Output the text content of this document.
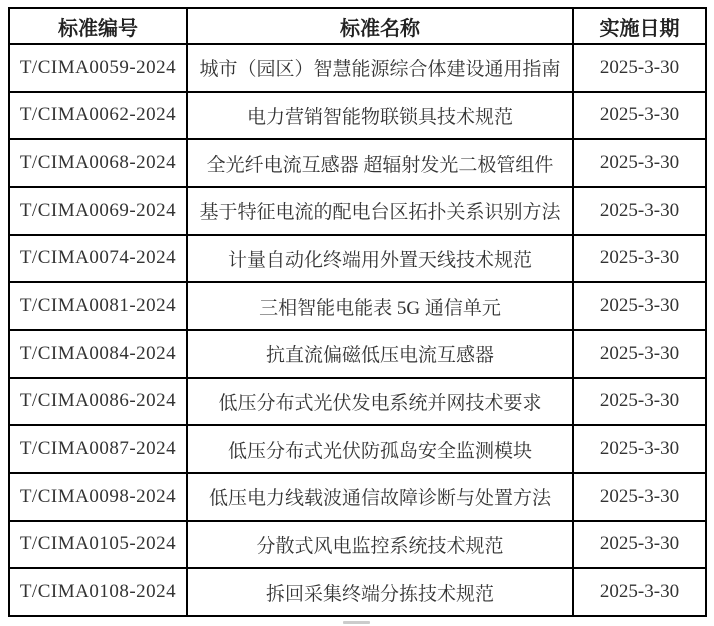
标准编号	标准名称	实施日期
T/CIMA0059-2024	城市（园区）智慧能源综合体建设通用指南	2025-3-30
T/CIMA0062-2024	电力营销智能物联锁具技术规范	2025-3-30
T/CIMA0068-2024	全光纤电流互感器 超辐射发光二极管组件	2025-3-30
T/CIMA0069-2024	基于特征电流的配电台区拓扑关系识别方法	2025-3-30
T/CIMA0074-2024	计量自动化终端用外置天线技术规范	2025-3-30
T/CIMA0081-2024	三相智能电能表 5G 通信单元	2025-3-30
T/CIMA0084-2024	抗直流偏磁低压电流互感器	2025-3-30
T/CIMA0086-2024	低压分布式光伏发电系统并网技术要求	2025-3-30
T/CIMA0087-2024	低压分布式光伏防孤岛安全监测模块	2025-3-30
T/CIMA0098-2024	低压电力线载波通信故障诊断与处置方法	2025-3-30
T/CIMA0105-2024	分散式风电监控系统技术规范	2025-3-30
T/CIMA0108-2024	拆回采集终端分拣技术规范	2025-3-30
